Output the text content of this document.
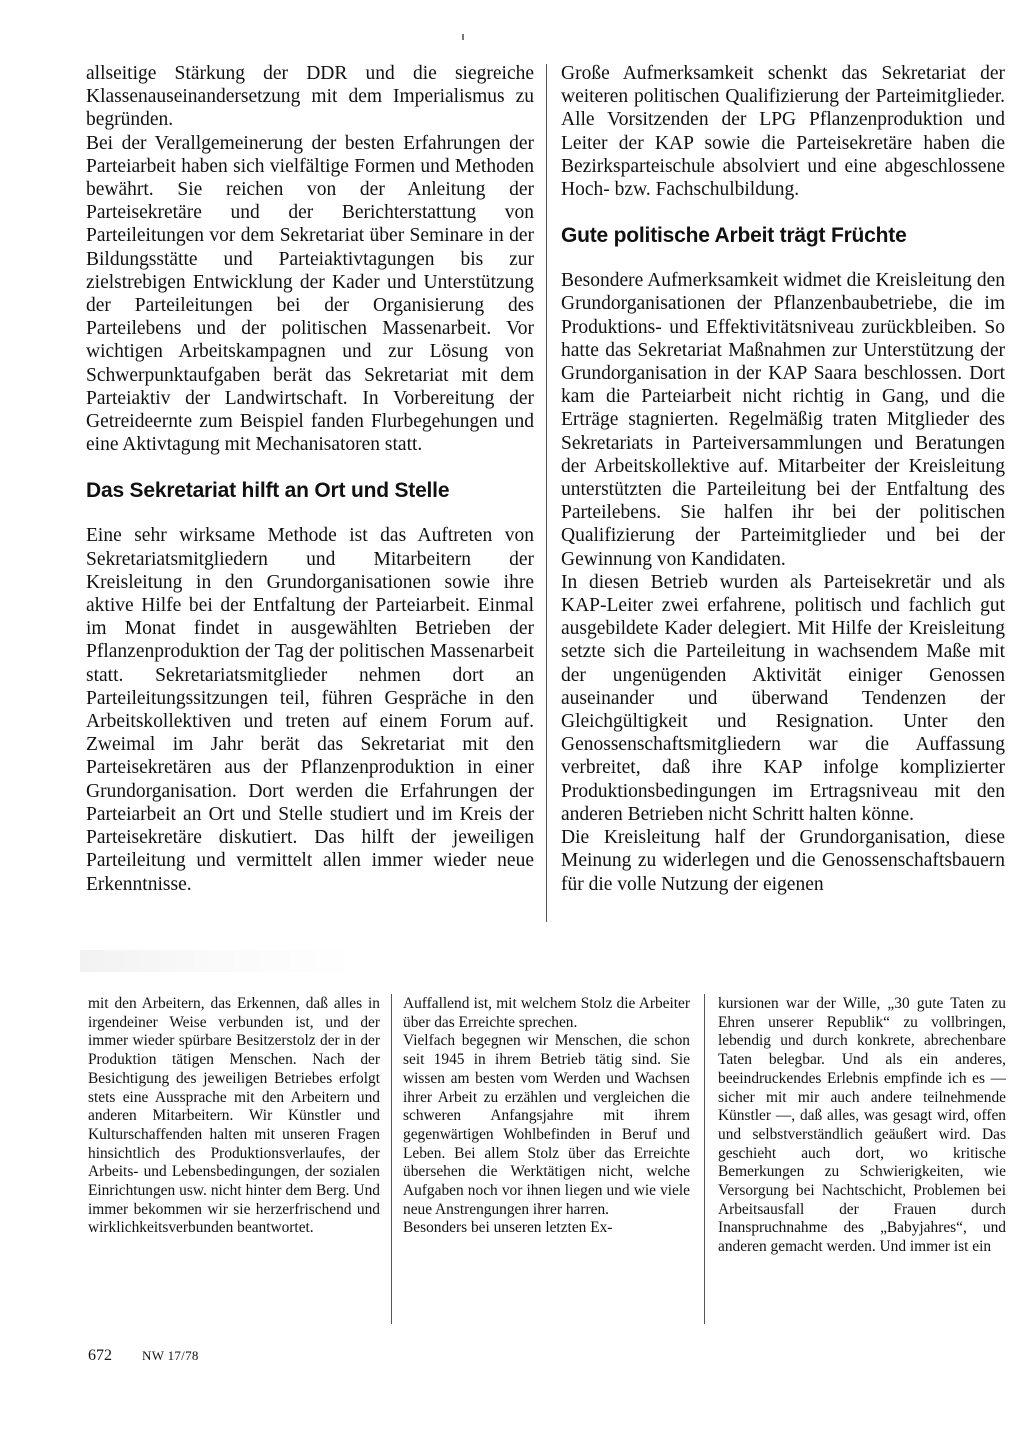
allseitige Stärkung der DDR und die siegreiche Klassenauseinandersetzung mit dem Imperialismus zu begründen.

Bei der Verallgemeinerung der besten Erfahrungen der Parteiarbeit haben sich vielfältige Formen und Methoden bewährt. Sie reichen von der Anleitung der Parteisekretäre und der Berichterstattung von Parteileitungen vor dem Sekretariat über Seminare in der Bildungsstätte und Parteiaktivtagungen bis zur zielstrebigen Entwicklung der Kader und Unterstützung der Parteileitungen bei der Organisierung des Parteilebens und der politischen Massenarbeit. Vor wichtigen Arbeitskampagnen und zur Lösung von Schwerpunktaufgaben berät das Sekretariat mit dem Parteiaktiv der Landwirtschaft. In Vorbereitung der Getreideernte zum Beispiel fanden Flurbegehungen und eine Aktivtagung mit Mechanisatoren statt.

Das Sekretariat hilft an Ort und Stelle

Eine sehr wirksame Methode ist das Auftreten von Sekretariatsmitgliedern und Mitarbeitern der Kreisleitung in den Grundorganisationen sowie ihre aktive Hilfe bei der Entfaltung der Parteiarbeit. Einmal im Monat findet in ausgewählten Betrieben der Pflanzenproduktion der Tag der politischen Massenarbeit statt. Sekretariatsmitglieder nehmen dort an Parteileitungssitzungen teil, führen Gespräche in den Arbeitskollektiven und treten auf einem Forum auf. Zweimal im Jahr berät das Sekretariat mit den Parteisekretären aus der Pflanzenproduktion in einer Grundorganisation. Dort werden die Erfahrungen der Parteiarbeit an Ort und Stelle studiert und im Kreis der Parteisekretäre diskutiert. Das hilft der jeweiligen Parteileitung und vermittelt allen immer wieder neue Erkenntnisse.

Große Aufmerksamkeit schenkt das Sekretariat der weiteren politischen Qualifizierung der Parteimitglieder. Alle Vorsitzenden der LPG Pflanzenproduktion und Leiter der KAP sowie die Parteisekretäre haben die Bezirksparteischule absolviert und eine abgeschlossene Hoch- bzw. Fachschulbildung.

Gute politische Arbeit trägt Früchte

Besondere Aufmerksamkeit widmet die Kreisleitung den Grundorganisationen der Pflanzenbaubetriebe, die im Produktions- und Effektivitätsniveau zurückbleiben. So hatte das Sekretariat Maßnahmen zur Unterstützung der Grundorganisation in der KAP Saara beschlossen. Dort kam die Parteiarbeit nicht richtig in Gang, und die Erträge stagnierten. Regelmäßig traten Mitglieder des Sekretariats in Parteiversammlungen und Beratungen der Arbeitskollektive auf. Mitarbeiter der Kreisleitung unterstützten die Parteileitung bei der Entfaltung des Parteilebens. Sie halfen ihr bei der politischen Qualifizierung der Parteimitglieder und bei der Gewinnung von Kandidaten.

In diesen Betrieb wurden als Parteisekretär und als KAP-Leiter zwei erfahrene, politisch und fachlich gut ausgebildete Kader delegiert. Mit Hilfe der Kreisleitung setzte sich die Parteileitung in wachsendem Maße mit der ungenügenden Aktivität einiger Genossen auseinander und überwand Tendenzen der Gleichgültigkeit und Resignation. Unter den Genossenschaftsmitgliedern war die Auffassung verbreitet, daß ihre KAP infolge komplizierter Produktionsbedingungen im Ertragsniveau mit den anderen Betrieben nicht Schritt halten könne.

Die Kreisleitung half der Grundorganisation, diese Meinung zu widerlegen und die Genossenschaftsbauern für die volle Nutzung der eigenen

mit den Arbeitern, das Erkennen, daß alles in irgendeiner Weise verbunden ist, und der immer wieder spürbare Besitzerstolz der in der Produktion tätigen Menschen. Nach der Besichtigung des jeweiligen Betriebes erfolgt stets eine Aussprache mit den Arbeitern und anderen Mitarbeitern. Wir Künstler und Kulturschaffenden halten mit unseren Fragen hinsichtlich des Produktionsverlaufes, der Arbeits- und Lebensbedingungen, der sozialen Einrichtungen usw. nicht hinter dem Berg. Und immer bekommen wir sie herzerfrischend und wirklichkeitsverbunden beantwortet.

Auffallend ist, mit welchem Stolz die Arbeiter über das Erreichte sprechen.

Vielfach begegnen wir Menschen, die schon seit 1945 in ihrem Betrieb tätig sind. Sie wissen am besten vom Werden und Wachsen ihrer Arbeit zu erzählen und vergleichen die schweren Anfangsjahre mit ihrem gegenwärtigen Wohlbefinden in Beruf und Leben. Bei allem Stolz über das Erreichte übersehen die Werktätigen nicht, welche Aufgaben noch vor ihnen liegen und wie viele neue Anstrengungen ihrer harren.

Besonders bei unseren letzten Ex-

kursionen war der Wille, „30 gute Taten zu Ehren unserer Republik“ zu vollbringen, lebendig und durch konkrete, abrechenbare Taten belegbar. Und als ein anderes, beeindruckendes Erlebnis empfinde ich es — sicher mit mir auch andere teilnehmende Künstler —, daß alles, was gesagt wird, offen und selbstverständlich geäußert wird. Das geschieht auch dort, wo kritische Bemerkungen zu Schwierigkeiten, wie Versorgung bei Nachtschicht, Problemen bei Arbeitsausfall der Frauen durch Inanspruchnahme des „Babyjahres“, und anderen gemacht werden. Und immer ist ein

672 NW 17/78
